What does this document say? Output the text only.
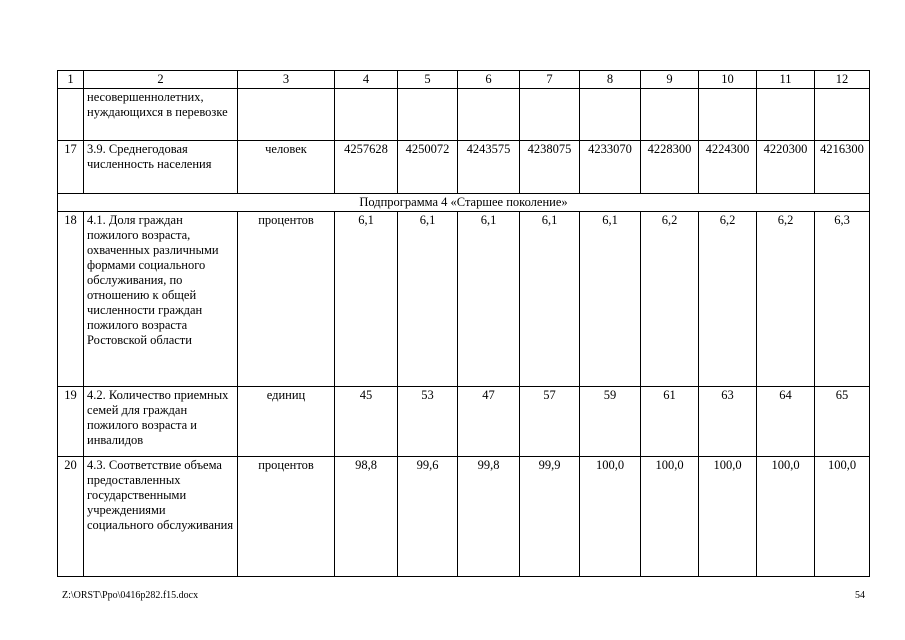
1	2	3	4	5	6	7	8	9	10	11	12
	несовершеннолетних, нуждающихся в перевозке										
17	3.9. Среднегодовая численность населения	человек	4257628	4250072	4243575	4238075	4233070	4228300	4224300	4220300	4216300
Подпрограмма 4 «Старшее поколение»											
18	4.1. Доля граждан пожилого возраста, охваченных различными формами социального обслуживания, по отношению к общей численности граждан пожилого возраста Ростовской области	процентов	6,1	6,1	6,1	6,1	6,1	6,2	6,2	6,2	6,3
19	4.2. Количество приемных семей для граждан пожилого возраста и инвалидов	единиц	45	53	47	57	59	61	63	64	65
20	4.3. Соответствие объема предоставленных государственными учреждениями социального обслуживания	процентов	98,8	99,6	99,8	99,9	100,0	100,0	100,0	100,0	100,0
Z:\ORST\Ppo\0416p282.f15.docx	54
